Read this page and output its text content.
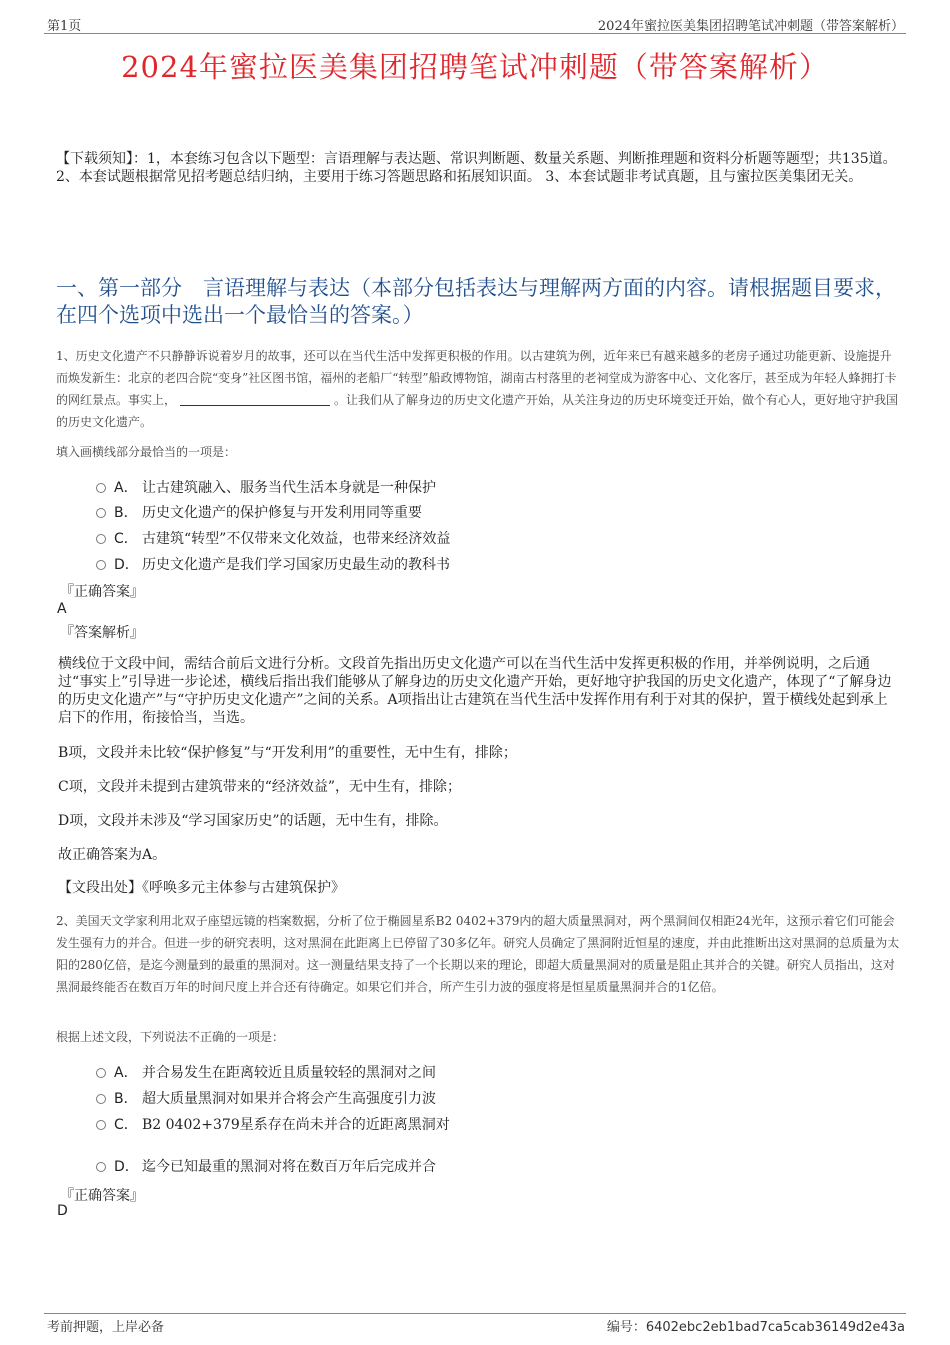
第1页	2024年蜜拉医美集团招聘笔试冲刺题（带答案解析）
2024年蜜拉医美集团招聘笔试冲刺题（带答案解析）
【下载须知】：1，本套练习包含以下题型：言语理解与表达题、常识判断题、数量关系题、判断推理题和资料分析题等题型；共135道。 2、本套试题根据常见招考题总结归纳，主要用于练习答题思路和拓展知识面。 3、本套试题非考试真题，且与蜜拉医美集团无关。
一、第一部分　言语理解与表达（本部分包括表达与理解两方面的内容。请根据题目要求，在四个选项中选出一个最恰当的答案。）
1、历史文化遗产不只静静诉说着岁月的故事，还可以在当代生活中发挥更积极的作用。以古建筑为例，近年来已有越来越多的老房子通过功能更新、设施提升而焕发新生：北京的老四合院“变身”社区图书馆，福州的老船厂“转型”船政博物馆，湖南古村落里的老祠堂成为游客中心、文化客厅，甚至成为年轻人蜂拥打卡的网红景点。事实上，	。让我们从了解身边的历史文化遗产开始，从关注身边的历史环境变迁开始，做个有心人，更好地守护我国的历史文化遗产。
填入画横线部分最恰当的一项是：
A． 让古建筑融入、服务当代生活本身就是一种保护
B． 历史文化遗产的保护修复与开发利用同等重要
C． 古建筑“转型”不仅带来文化效益，也带来经济效益
D． 历史文化遗产是我们学习国家历史最生动的教科书
『正确答案』
A
『答案解析』
横线位于文段中间，需结合前后文进行分析。文段首先指出历史文化遗产可以在当代生活中发挥更积极的作用，并举例说明，之后通过“事实上”引导进一步论述，横线后指出我们能够从了解身边的历史文化遗产开始，更好地守护我国的历史文化遗产，体现了“了解身边的历史文化遗产”与“守护历史文化遗产”之间的关系。A项指出让古建筑在当代生活中发挥作用有利于对其的保护，置于横线处起到承上启下的作用，衔接恰当，当选。
B项，文段并未比较“保护修复”与“开发利用”的重要性，无中生有，排除；
C项，文段并未提到古建筑带来的“经济效益”，无中生有，排除；
D项，文段并未涉及“学习国家历史”的话题，无中生有，排除。
故正确答案为A。
【文段出处】《呼唤多元主体参与古建筑保护》
2、美国天文学家利用北双子座望远镜的档案数据，分析了位于椭圆星系B2 0402+379内的超大质量黑洞对，两个黑洞间仅相距24光年，这预示着它们可能会发生强有力的并合。但进一步的研究表明，这对黑洞在此距离上已停留了30多亿年。研究人员确定了黑洞附近恒星的速度，并由此推断出这对黑洞的总质量为太阳的280亿倍，是迄今测量到的最重的黑洞对。这一测量结果支持了一个长期以来的理论，即超大质量黑洞对的质量是阻止其并合的关键。研究人员指出，这对黑洞最终能否在数百万年的时间尺度上并合还有待确定。如果它们并合，所产生引力波的强度将是恒星质量黑洞并合的1亿倍。
根据上述文段，下列说法不正确的一项是：
A． 并合易发生在距离较近且质量较轻的黑洞对之间
B． 超大质量黑洞对如果并合将会产生高强度引力波
C． B2 0402+379星系存在尚未并合的近距离黑洞对
D． 迄今已知最重的黑洞对将在数百万年后完成并合
『正确答案』
D
考前押题，上岸必备	编号：6402ebc2eb1bad7ca5cab36149d2e43a
